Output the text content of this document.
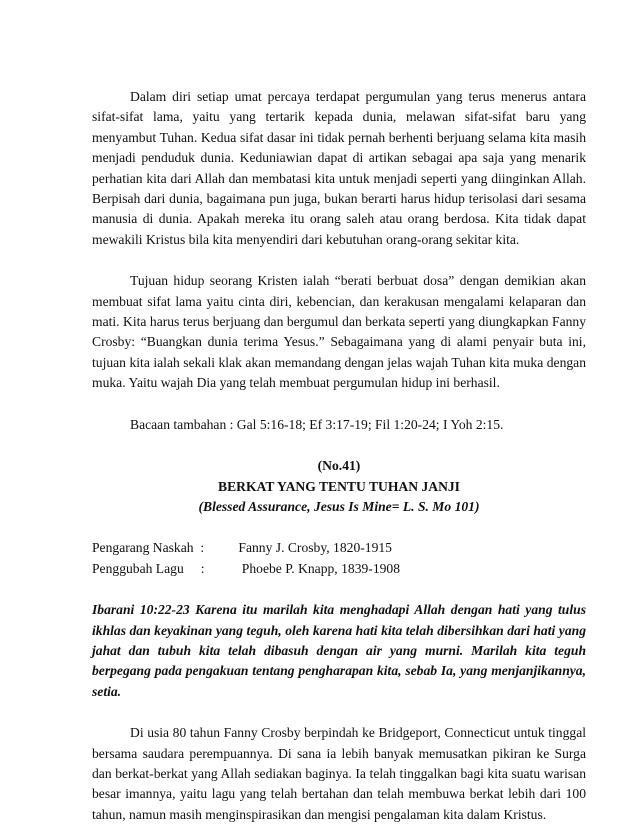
Dalam diri setiap umat percaya terdapat pergumulan yang terus menerus antara sifat-sifat lama, yaitu yang tertarik kepada dunia, melawan sifat-sifat baru yang menyambut Tuhan. Kedua sifat dasar ini tidak pernah berhenti berjuang selama kita masih menjadi penduduk dunia. Keduniawian dapat di artikan sebagai apa saja yang menarik perhatian kita dari Allah dan membatasi kita untuk menjadi seperti yang diinginkan Allah. Berpisah dari dunia, bagaimana pun juga, bukan berarti harus hidup terisolasi dari sesama manusia di dunia. Apakah mereka itu orang saleh atau orang berdosa. Kita tidak dapat mewakili Kristus bila kita menyendiri dari kebutuhan orang-orang sekitar kita.

Tujuan hidup seorang Kristen ialah “berati berbuat dosa” dengan demikian akan membuat sifat lama yaitu cinta diri, kebencian, dan kerakusan mengalami kelaparan dan mati. Kita harus terus berjuang dan bergumul dan berkata seperti yang diungkapkan Fanny Crosby: “Buangkan dunia terima Yesus.” Sebagaimana yang di alami penyair buta ini, tujuan kita ialah sekali klak akan memandang dengan jelas wajah Tuhan kita muka dengan muka. Yaitu wajah Dia yang telah membuat pergumulan hidup ini berhasil.

Bacaan tambahan : Gal 5:16-18; Ef 3:17-19; Fil 1:20-24; I Yoh 2:15.

(No.41)

BERKAT YANG TENTU TUHAN JANJI

(Blessed Assurance, Jesus Is Mine= L. S. Mo 101)

Pengarang Naskah  :	Fanny J. Crosby, 1820-1915
Penggubah Lagu     :	Phoebe P. Knapp, 1839-1908

Ibarani 10:22-23 Karena itu marilah kita menghadapi Allah dengan hati yang tulus ikhlas dan keyakinan yang teguh, oleh karena hati kita telah dibersihkan dari hati yang jahat dan tubuh kita telah dibasuh dengan air yang murni. Marilah kita teguh berpegang pada pengakuan tentang pengharapan kita, sebab Ia, yang menjanjikannya, setia.

Di usia 80 tahun Fanny Crosby berpindah ke Bridgeport, Connecticut untuk tinggal bersama saudara perempuannya. Di sana ia lebih banyak memusatkan pikiran ke Surga dan berkat-berkat yang Allah sediakan baginya. Ia telah tinggalkan bagi kita suatu warisan besar imannya, yaitu lagu yang telah bertahan dan telah membuwa berkat lebih dari 100 tahun, namun masih menginspirasikan dan mengisi pengalaman kita dalam Kristus.
